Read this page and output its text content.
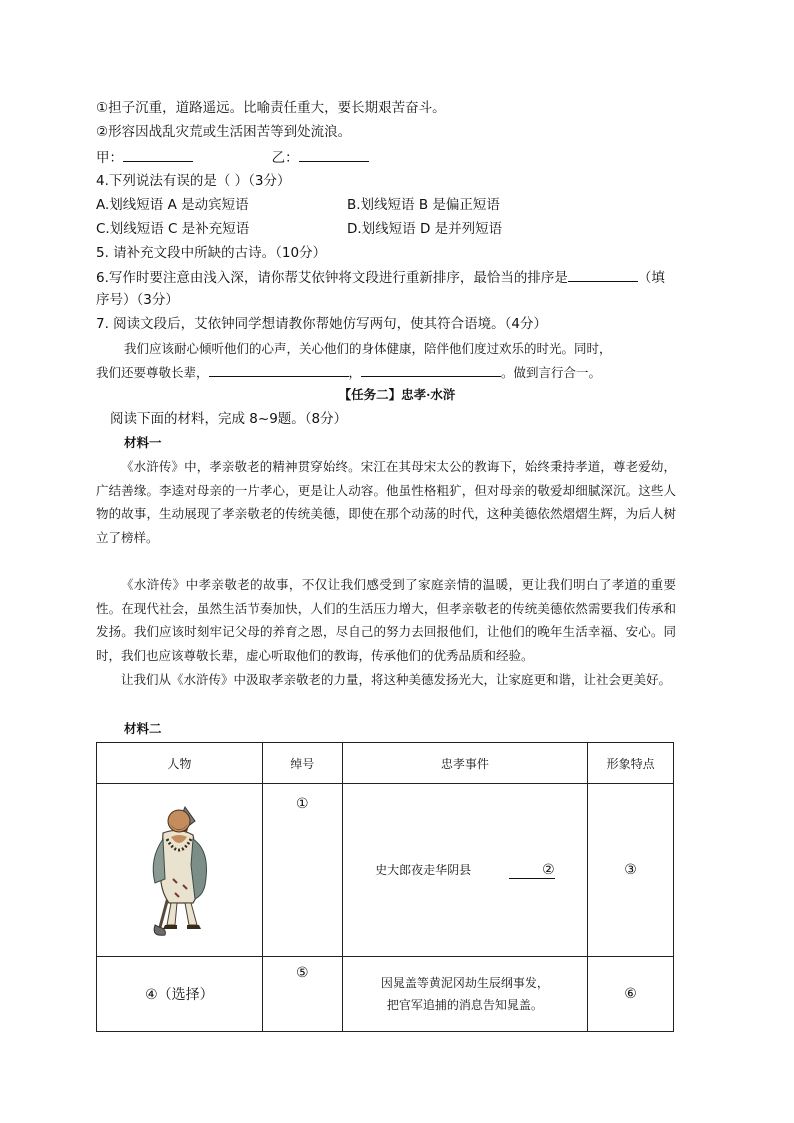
①担子沉重，道路遥远。比喻责任重大，要长期艰苦奋斗。
②形容因战乱灾荒或生活困苦等到处流浪。
甲：	乙：
4.下列说法有误的是（ ）（3分）
A.划线短语 A 是动宾短语	B.划线短语 B 是偏正短语
C.划线短语 C 是补充短语	D.划线短语 D 是并列短语
5. 请补充文段中所缺的古诗。（10分）
6.写作时要注意由浅入深，请你帮艾依钟将文段进行重新排序，最恰当的排序是	（填
序号）（3分）
7. 阅读文段后，艾依钟同学想请教你帮她仿写两句，使其符合语境。（4分）
我们应该耐心倾听他们的心声，关心他们的身体健康，陪伴他们度过欢乐的时光。同时，
我们还要尊敬长辈，	，	。做到言行合一。
【任务二】忠孝·水浒
阅读下面的材料，完成 8~9题。（8分）
材料一
《水浒传》中，孝亲敬老的精神贯穿始终。宋江在其母宋太公的教诲下，始终秉持孝道，尊老爱幼，广结善缘。李逵对母亲的一片孝心，更是让人动容。他虽性格粗犷，但对母亲的敬爱却细腻深沉。这些人物的故事，生动展现了孝亲敬老的传统美德，即使在那个动荡的时代，这种美德依然熠熠生辉，为后人树立了榜样。
《水浒传》中孝亲敬老的故事，不仅让我们感受到了家庭亲情的温暖，更让我们明白了孝道的重要性。在现代社会，虽然生活节奏加快，人们的生活压力增大，但孝亲敬老的传统美德依然需要我们传承和发扬。我们应该时刻牢记父母的养育之恩，尽自己的努力去回报他们，让他们的晚年生活幸福、安心。同时，我们也应该尊敬长辈，虚心听取他们的教诲，传承他们的优秀品质和经验。
让我们从《水浒传》中汲取孝亲敬老的力量，将这种美德发扬光大，让家庭更和谐，让社会更美好。
材料二
人物	绰号	忠孝事件	形象特点
	①	史大郎夜走华阴县 ②	③
④（选择）	⑤	因晁盖等黄泥冈劫生辰纲事发，
把官军追捕的消息告知晁盖。	⑥
